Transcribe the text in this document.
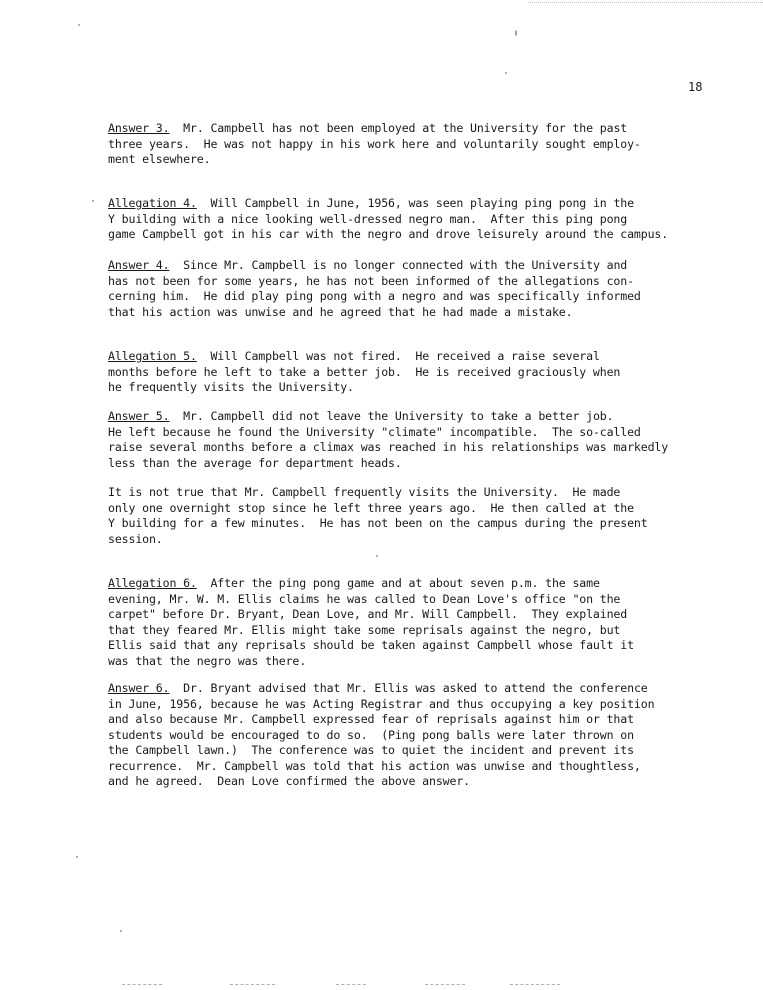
18
Answer 3. Mr. Campbell has not been employed at the University for the past
three years.  He was not happy in his work here and voluntarily sought employ-
ment elsewhere.
Allegation 4. Will Campbell in June, 1956, was seen playing ping pong in the
Y building with a nice looking well-dressed negro man.  After this ping pong
game Campbell got in his car with the negro and drove leisurely around the campus.
Answer 4. Since Mr. Campbell is no longer connected with the University and
has not been for some years, he has not been informed of the allegations con-
cerning him.  He did play ping pong with a negro and was specifically informed
that his action was unwise and he agreed that he had made a mistake.
Allegation 5. Will Campbell was not fired.  He received a raise several
months before he left to take a better job.  He is received graciously when
he frequently visits the University.
Answer 5. Mr. Campbell did not leave the University to take a better job.
He left because he found the University "climate" incompatible.  The so-called
raise several months before a climax was reached in his relationships was markedly
less than the average for department heads.
It is not true that Mr. Campbell frequently visits the University.  He made
only one overnight stop since he left three years ago.  He then called at the
Y building for a few minutes.  He has not been on the campus during the present
session.
Allegation 6. After the ping pong game and at about seven p.m. the same
evening, Mr. W. M. Ellis claims he was called to Dean Love's office "on the
carpet" before Dr. Bryant, Dean Love, and Mr. Will Campbell.  They explained
that they feared Mr. Ellis might take some reprisals against the negro, but
Ellis said that any reprisals should be taken against Campbell whose fault it
was that the negro was there.
Answer 6. Dr. Bryant advised that Mr. Ellis was asked to attend the conference
in June, 1956, because he was Acting Registrar and thus occupying a key position
and also because Mr. Campbell expressed fear of reprisals against him or that
students would be encouraged to do so.  (Ping pong balls were later thrown on
the Campbell lawn.)  The conference was to quiet the incident and prevent its
recurrence.  Mr. Campbell was told that his action was unwise and thoughtless,
and he agreed.  Dean Love confirmed the above answer.
